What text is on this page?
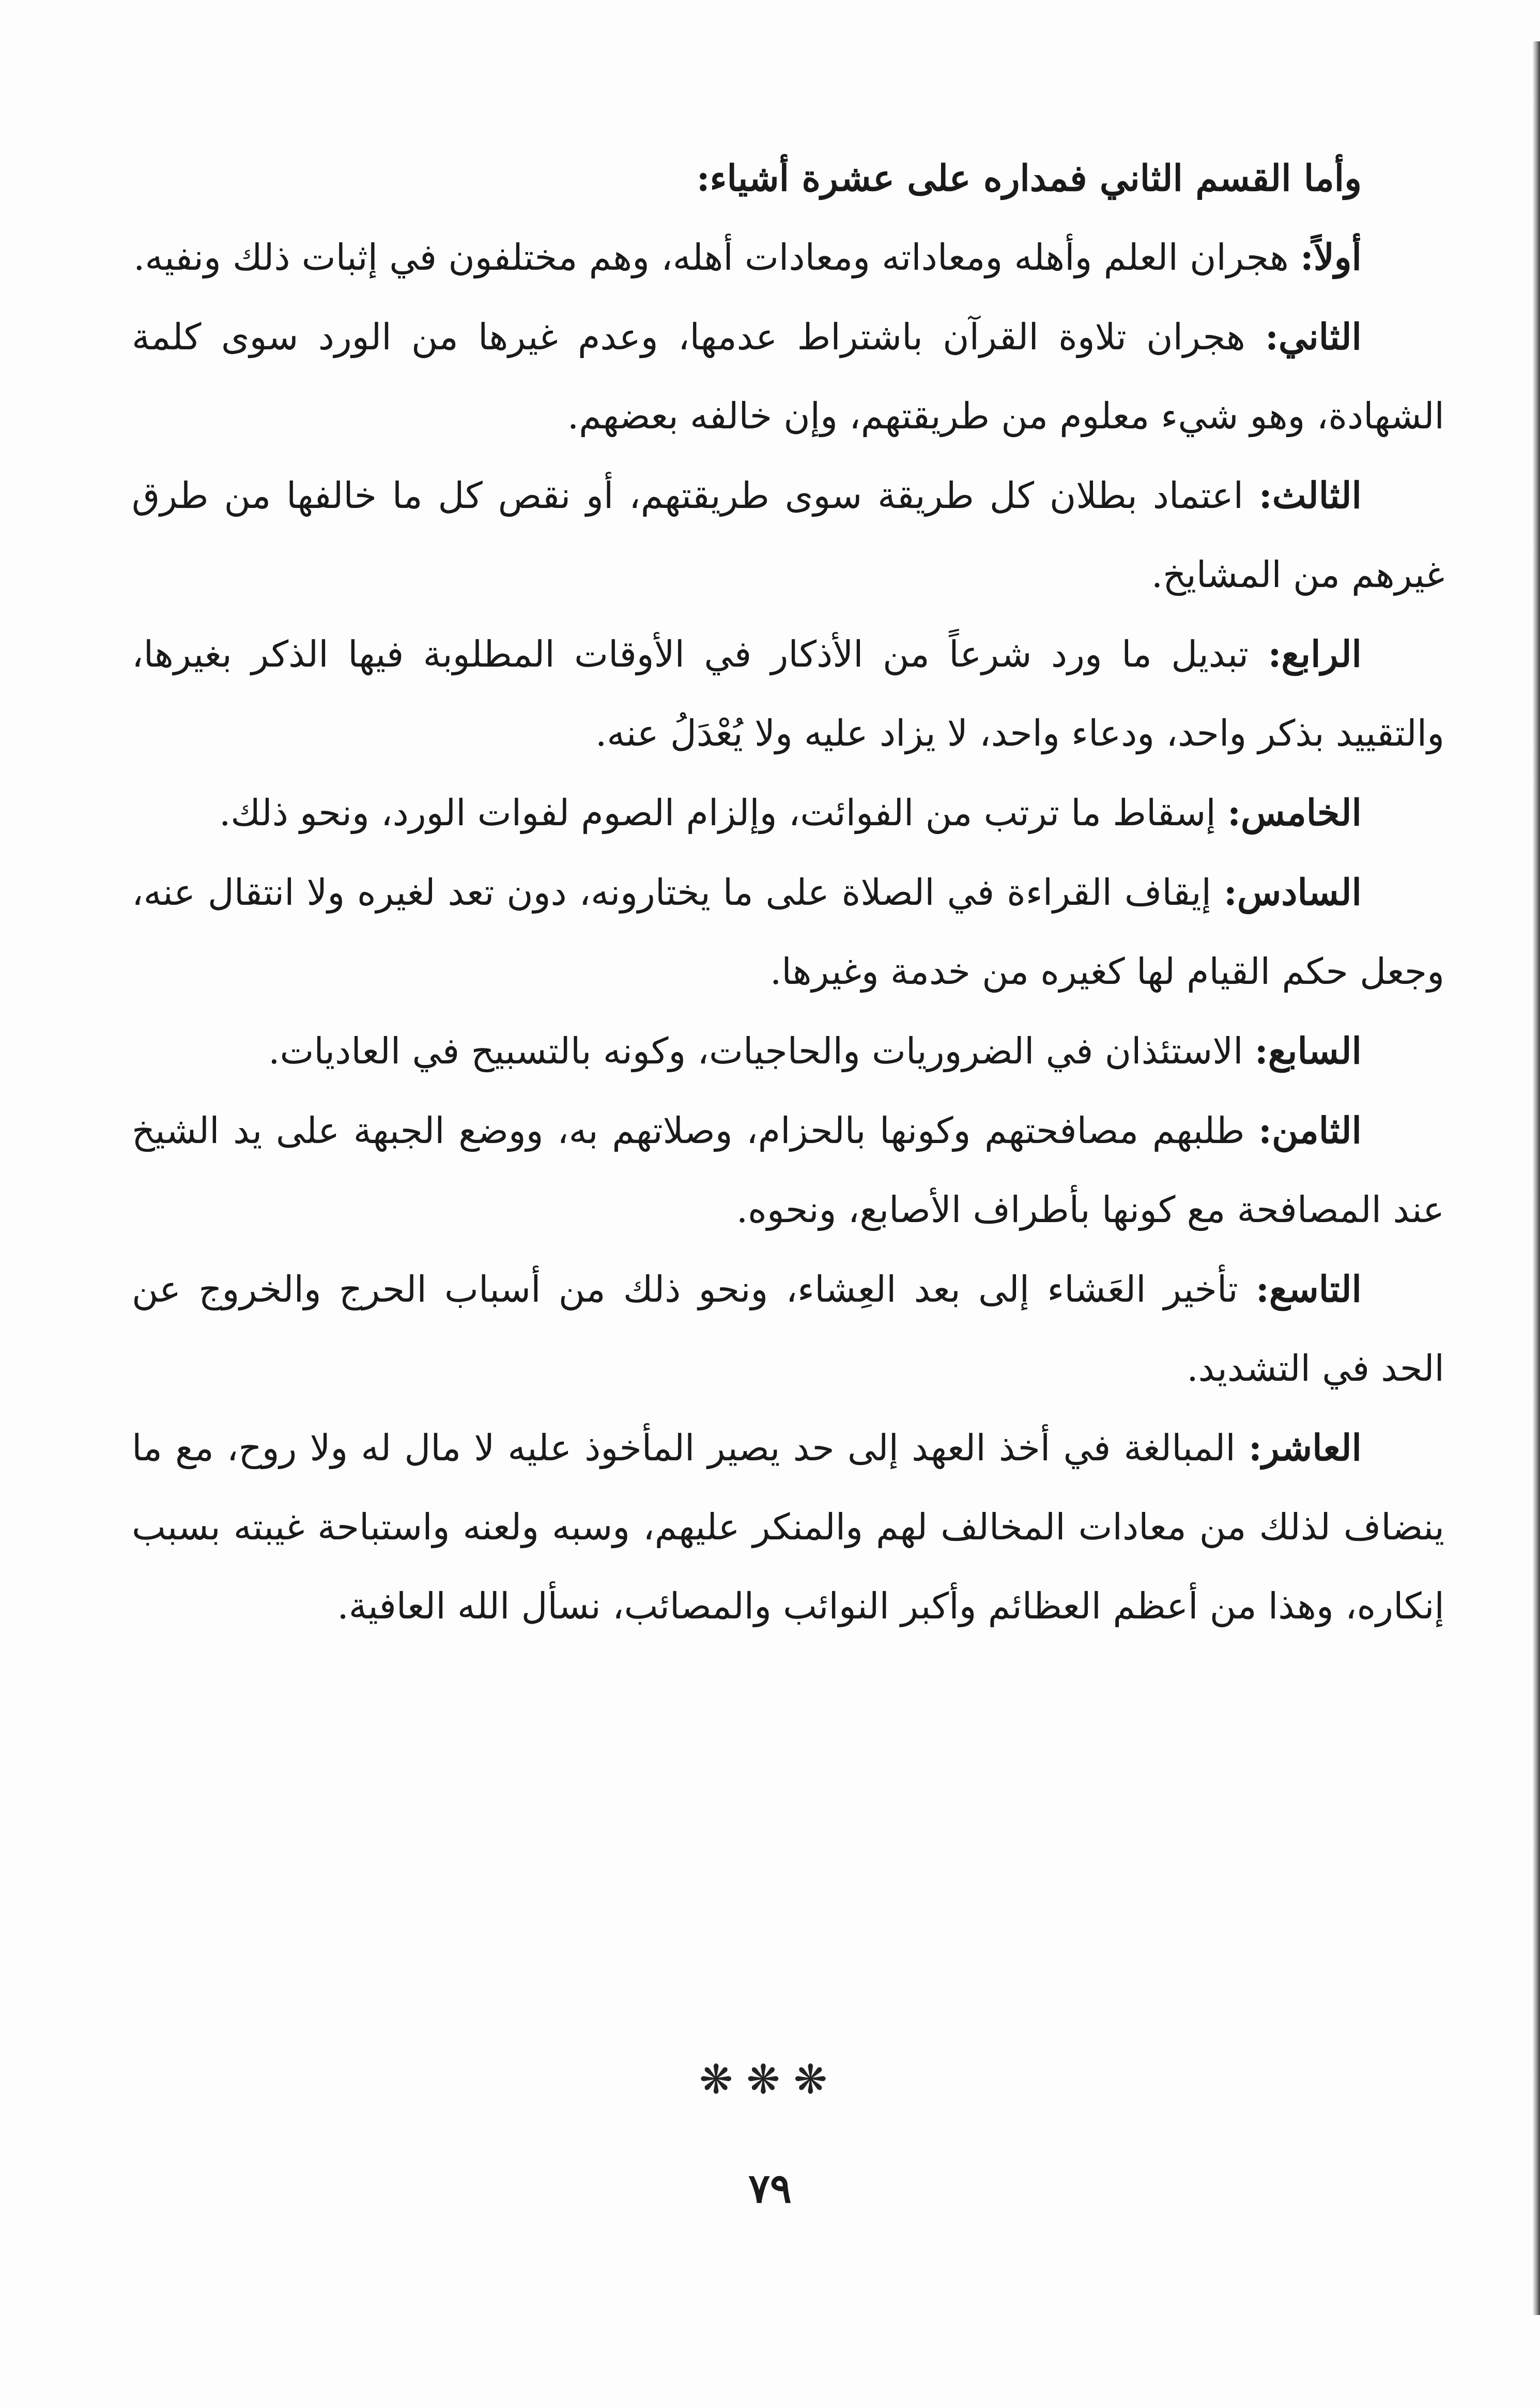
وأما القسم الثاني فمداره على عشرة أشياء:

أولاً: هجران العلم وأهله ومعاداته ومعادات أهله، وهم مختلفون في إثبات ذلك ونفيه.

الثاني: هجران تلاوة القرآن باشتراط عدمها، وعدم غيرها من الورد سوى كلمة الشهادة، وهو شيء معلوم من طريقتهم، وإن خالفه بعضهم.

الثالث: اعتماد بطلان كل طريقة سوى طريقتهم، أو نقص كل ما خالفها من طرق غيرهم من المشايخ.

الرابع: تبديل ما ورد شرعاً من الأذكار في الأوقات المطلوبة فيها الذكر بغيرها، والتقييد بذكر واحد، ودعاء واحد، لا يزاد عليه ولا يُعْدَلُ عنه.

الخامس: إسقاط ما ترتب من الفوائت، وإلزام الصوم لفوات الورد، ونحو ذلك.

السادس: إيقاف القراءة في الصلاة على ما يختارونه، دون تعد لغيره ولا انتقال عنه، وجعل حكم القيام لها كغيره من خدمة وغيرها.

السابع: الاستئذان في الضروريات والحاجيات، وكونه بالتسبيح في العاديات.

الثامن: طلبهم مصافحتهم وكونها بالحزام، وصلاتهم به، ووضع الجبهة على يد الشيخ عند المصافحة مع كونها بأطراف الأصابع، ونحوه.

التاسع: تأخير العَشاء إلى بعد العِشاء، ونحو ذلك من أسباب الحرج والخروج عن الحد في التشديد.

العاشر: المبالغة في أخذ العهد إلى حد يصير المأخوذ عليه لا مال له ولا روح، مع ما ينضاف لذلك من معادات المخالف لهم والمنكر عليهم، وسبه ولعنه واستباحة غيبته بسبب إنكاره، وهذا من أعظم العظائم وأكبر النوائب والمصائب، نسأل الله العافية.

❋❋❋
٧٩
